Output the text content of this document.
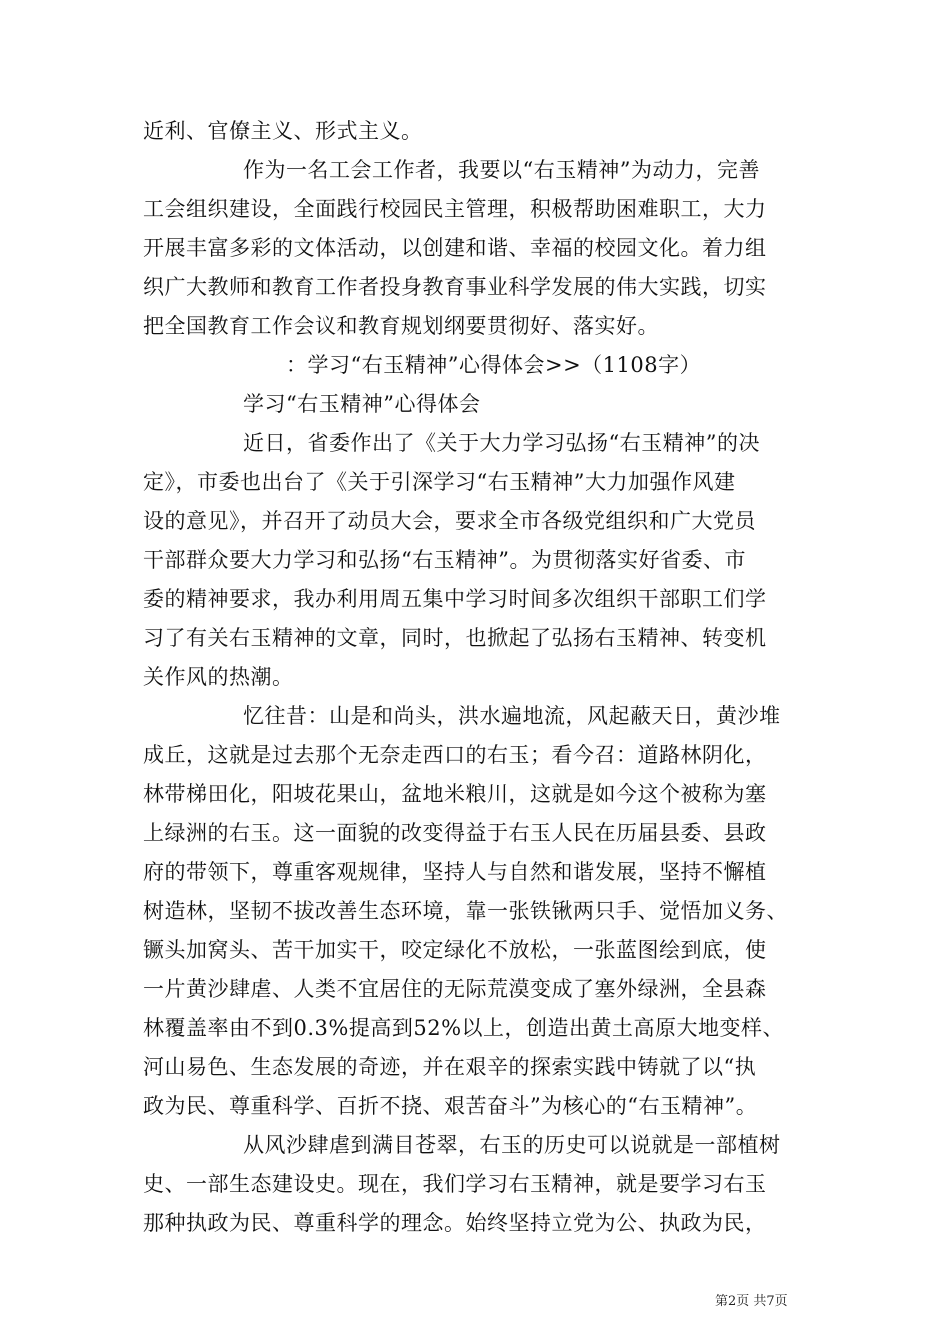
近利、官僚主义、形式主义。
作为一名工会工作者，我要以“右玉精神”为动力，完善
工会组织建设，全面践行校园民主管理，积极帮助困难职工，大力
开展丰富多彩的文体活动，以创建和谐、幸福的校园文化。着力组
织广大教师和教育工作者投身教育事业科学发展的伟大实践，切实
把全国教育工作会议和教育规划纲要贯彻好、落实好。
：学习“右玉精神”心得体会>>（1108字）
学习“右玉精神”心得体会
近日，省委作出了《关于大力学习弘扬“右玉精神”的决
定》，市委也出台了《关于引深学习“右玉精神”大力加强作风建
设的意见》，并召开了动员大会，要求全市各级党组织和广大党员
干部群众要大力学习和弘扬“右玉精神”。为贯彻落实好省委、市
委的精神要求，我办利用周五集中学习时间多次组织干部职工们学
习了有关右玉精神的文章，同时，也掀起了弘扬右玉精神、转变机
关作风的热潮。
忆往昔：山是和尚头，洪水遍地流，风起蔽天日，黄沙堆
成丘，这就是过去那个无奈走西口的右玉；看今召：道路林阴化，
林带梯田化，阳坡花果山，盆地米粮川，这就是如今这个被称为塞
上绿洲的右玉。这一面貌的改变得益于右玉人民在历届县委、县政
府的带领下，尊重客观规律，坚持人与自然和谐发展，坚持不懈植
树造林，坚韧不拔改善生态环境，靠一张铁锹两只手、觉悟加义务、
镢头加窝头、苦干加实干，咬定绿化不放松，一张蓝图绘到底，使
一片黄沙肆虐、人类不宜居住的无际荒漠变成了塞外绿洲，全县森
林覆盖率由不到0.3%提高到52%以上，创造出黄土高原大地变样、
河山易色、生态发展的奇迹，并在艰辛的探索实践中铸就了以“执
政为民、尊重科学、百折不挠、艰苦奋斗”为核心的“右玉精神”。
从风沙肆虐到满目苍翠，右玉的历史可以说就是一部植树
史、一部生态建设史。现在，我们学习右玉精神，就是要学习右玉
那种执政为民、尊重科学的理念。始终坚持立党为公、执政为民，
第2页 共7页
